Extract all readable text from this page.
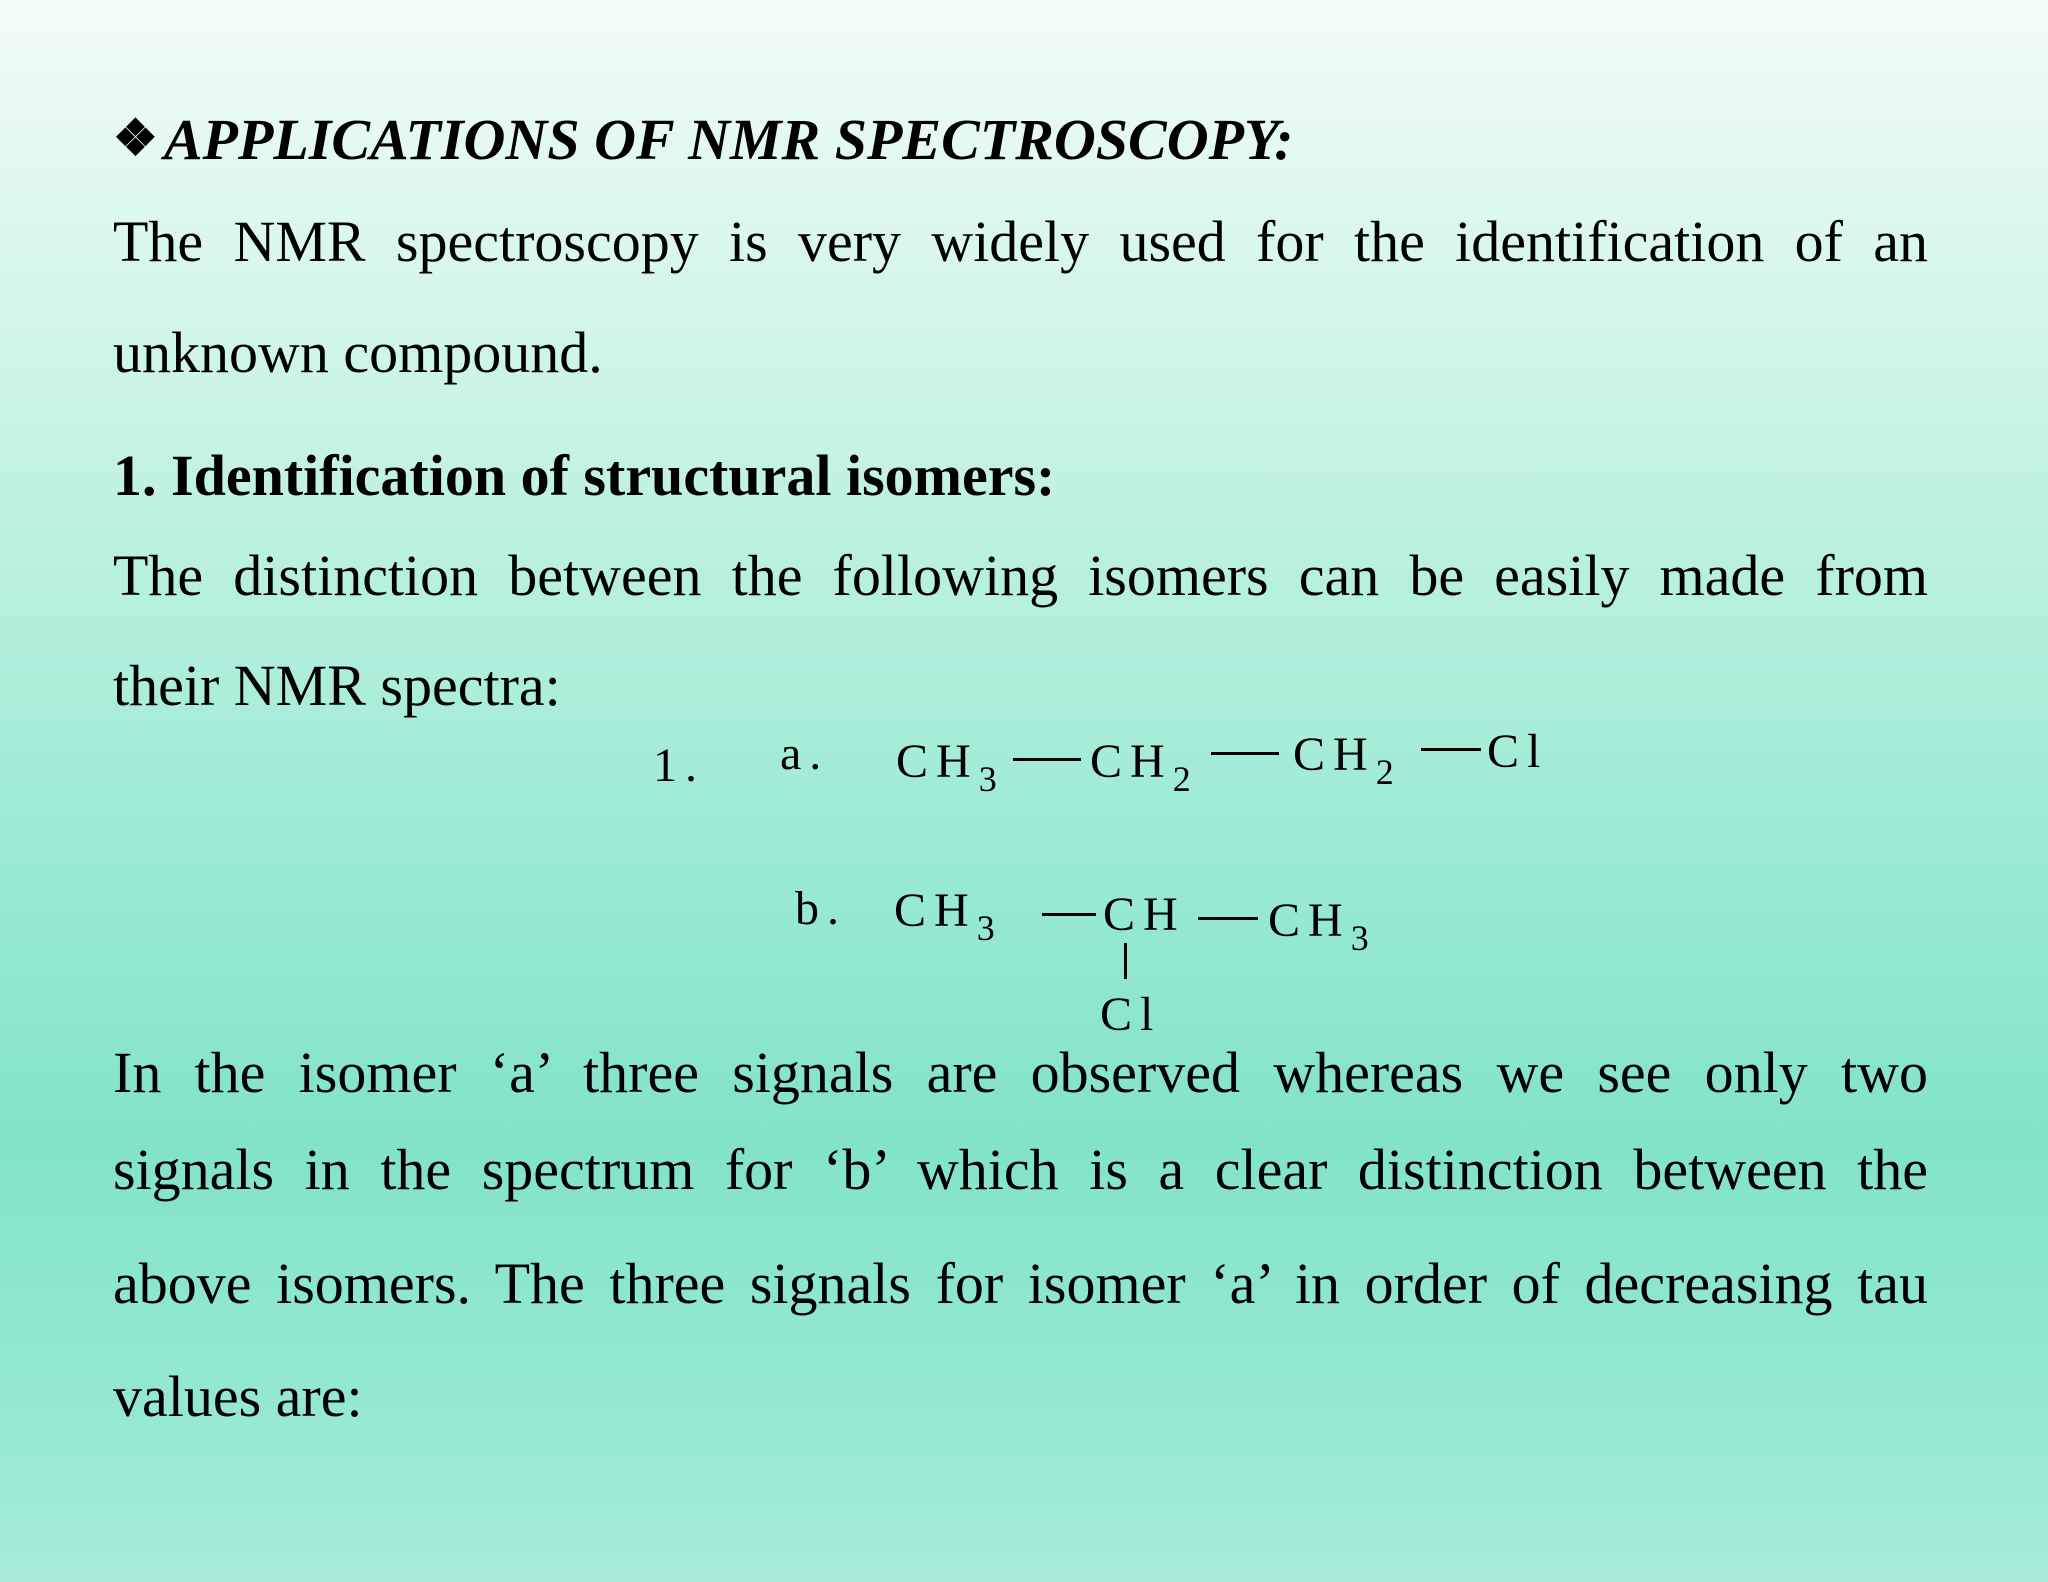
❖ APPLICATIONS OF NMR SPECTROSCOPY:
The NMR spectroscopy is very widely used for the identification of an
unknown compound.
1. Identification of structural isomers:
The distinction between the following isomers can be easily made from
their NMR spectra:
1. a. $CH_3$ $CH_2$ $CH_2$ Cl
b. $CH_3$ CH $CH_3$
Cl
In the isomer ‘a’ three signals are observed whereas we see only two
signals in the spectrum for ‘b’ which is a clear distinction between the
above isomers. The three signals for isomer ‘a’ in order of decreasing tau
values are:
